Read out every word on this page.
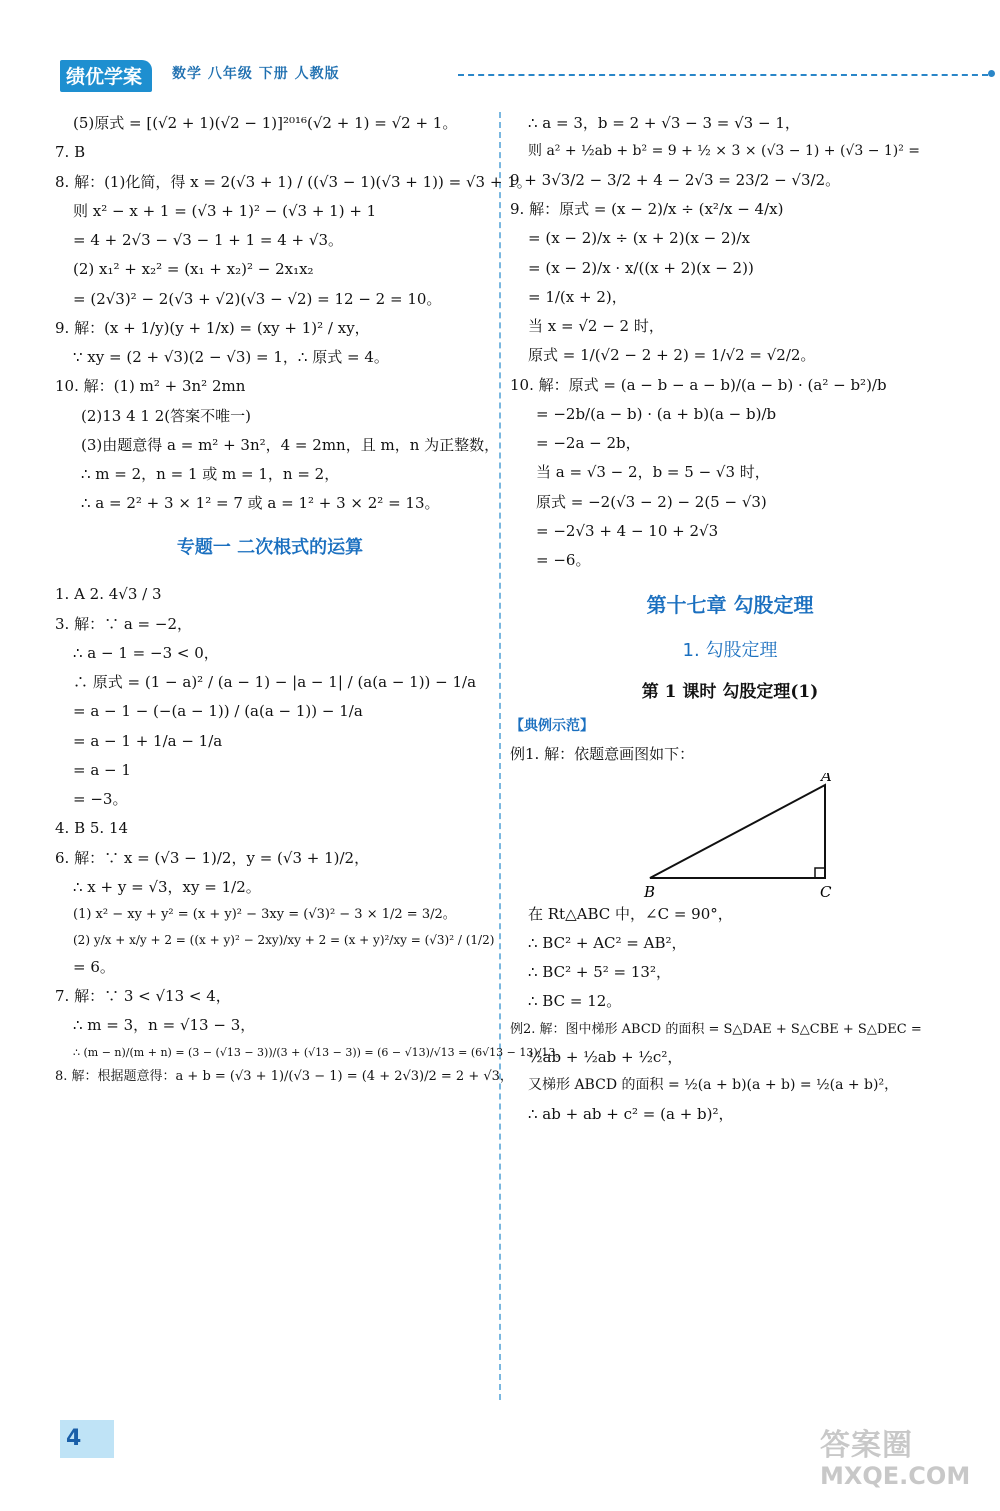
绩优学案	数学 八年级 下册 人教版
(5)原式 = [(√2 + 1)(√2 − 1)]²⁰¹⁶(√2 + 1) = √2 + 1。
7. B
8. 解：(1)化简，得 x = 2(√3 + 1) / ((√3 − 1)(√3 + 1)) = √3 + 1。
则 x² − x + 1 = (√3 + 1)² − (√3 + 1) + 1
= 4 + 2√3 − √3 − 1 + 1 = 4 + √3。
(2) x₁² + x₂² = (x₁ + x₂)² − 2x₁x₂
= (2√3)² − 2(√3 + √2)(√3 − √2) = 12 − 2 = 10。
9. 解：(x + 1/y)(y + 1/x) = (xy + 1)² / xy，
∵ xy = (2 + √3)(2 − √3) = 1，∴ 原式 = 4。
10. 解：(1) m² + 3n² 2mn
(2)13 4 1 2(答案不唯一)
(3)由题意得 a = m² + 3n²，4 = 2mn，且 m，n 为正整数，
∴ m = 2，n = 1 或 m = 1，n = 2，
∴ a = 2² + 3 × 1² = 7 或 a = 1² + 3 × 2² = 13。
专题一 二次根式的运算
1. A 2. 4√3 / 3
3. 解：∵ a = −2，
∴ a − 1 = −3 < 0，
∴ 原式 = (1 − a)² / (a − 1) − |a − 1| / (a(a − 1)) − 1/a
= a − 1 − (−(a − 1)) / (a(a − 1)) − 1/a
= a − 1 + 1/a − 1/a
= a − 1
= −3。
4. B 5. 14
6. 解：∵ x = (√3 − 1)/2，y = (√3 + 1)/2，
∴ x + y = √3，xy = 1/2。
(1) x² − xy + y² = (x + y)² − 3xy = (√3)² − 3 × 1/2 = 3/2。
(2) y/x + x/y + 2 = ((x + y)² − 2xy)/xy + 2 = (x + y)²/xy = (√3)² / (1/2)
= 6。
7. 解：∵ 3 < √13 < 4，
∴ m = 3，n = √13 − 3，
∴ (m − n)/(m + n) = (3 − (√13 − 3))/(3 + (√13 − 3)) = (6 − √13)/√13 = (6√13 − 13)/13。
8. 解：根据题意得：a + b = (√3 + 1)/(√3 − 1) = (4 + 2√3)/2 = 2 + √3，
∴ a = 3，b = 2 + √3 − 3 = √3 − 1，
则 a² + ½ab + b² = 9 + ½ × 3 × (√3 − 1) + (√3 − 1)² =
9 + 3√3/2 − 3/2 + 4 − 2√3 = 23/2 − √3/2。
9. 解：原式 = (x − 2)/x ÷ (x²/x − 4/x)
= (x − 2)/x ÷ (x + 2)(x − 2)/x
= (x − 2)/x · x/((x + 2)(x − 2))
= 1/(x + 2)，
当 x = √2 − 2 时，
原式 = 1/(√2 − 2 + 2) = 1/√2 = √2/2。
10. 解：原式 = (a − b − a − b)/(a − b) · (a² − b²)/b
= −2b/(a − b) · (a + b)(a − b)/b
= −2a − 2b，
当 a = √3 − 2，b = 5 − √3 时，
原式 = −2(√3 − 2) − 2(5 − √3)
= −2√3 + 4 − 10 + 2√3
= −6。
第十七章 勾股定理
1. 勾股定理
第 1 课时 勾股定理(1)
【典例示范】
例1. 解：依题意画图如下：
A
B	C
在 Rt△ABC 中，∠C = 90°，
∴ BC² + AC² = AB²，
∴ BC² + 5² = 13²，
∴ BC = 12。
例2. 解：图中梯形 ABCD 的面积 = S△DAE + S△CBE + S△DEC =
½ab + ½ab + ½c²，
又梯形 ABCD 的面积 = ½(a + b)(a + b) = ½(a + b)²，
∴ ab + ab + c² = (a + b)²，
4	答案圈
MXQE.COM
